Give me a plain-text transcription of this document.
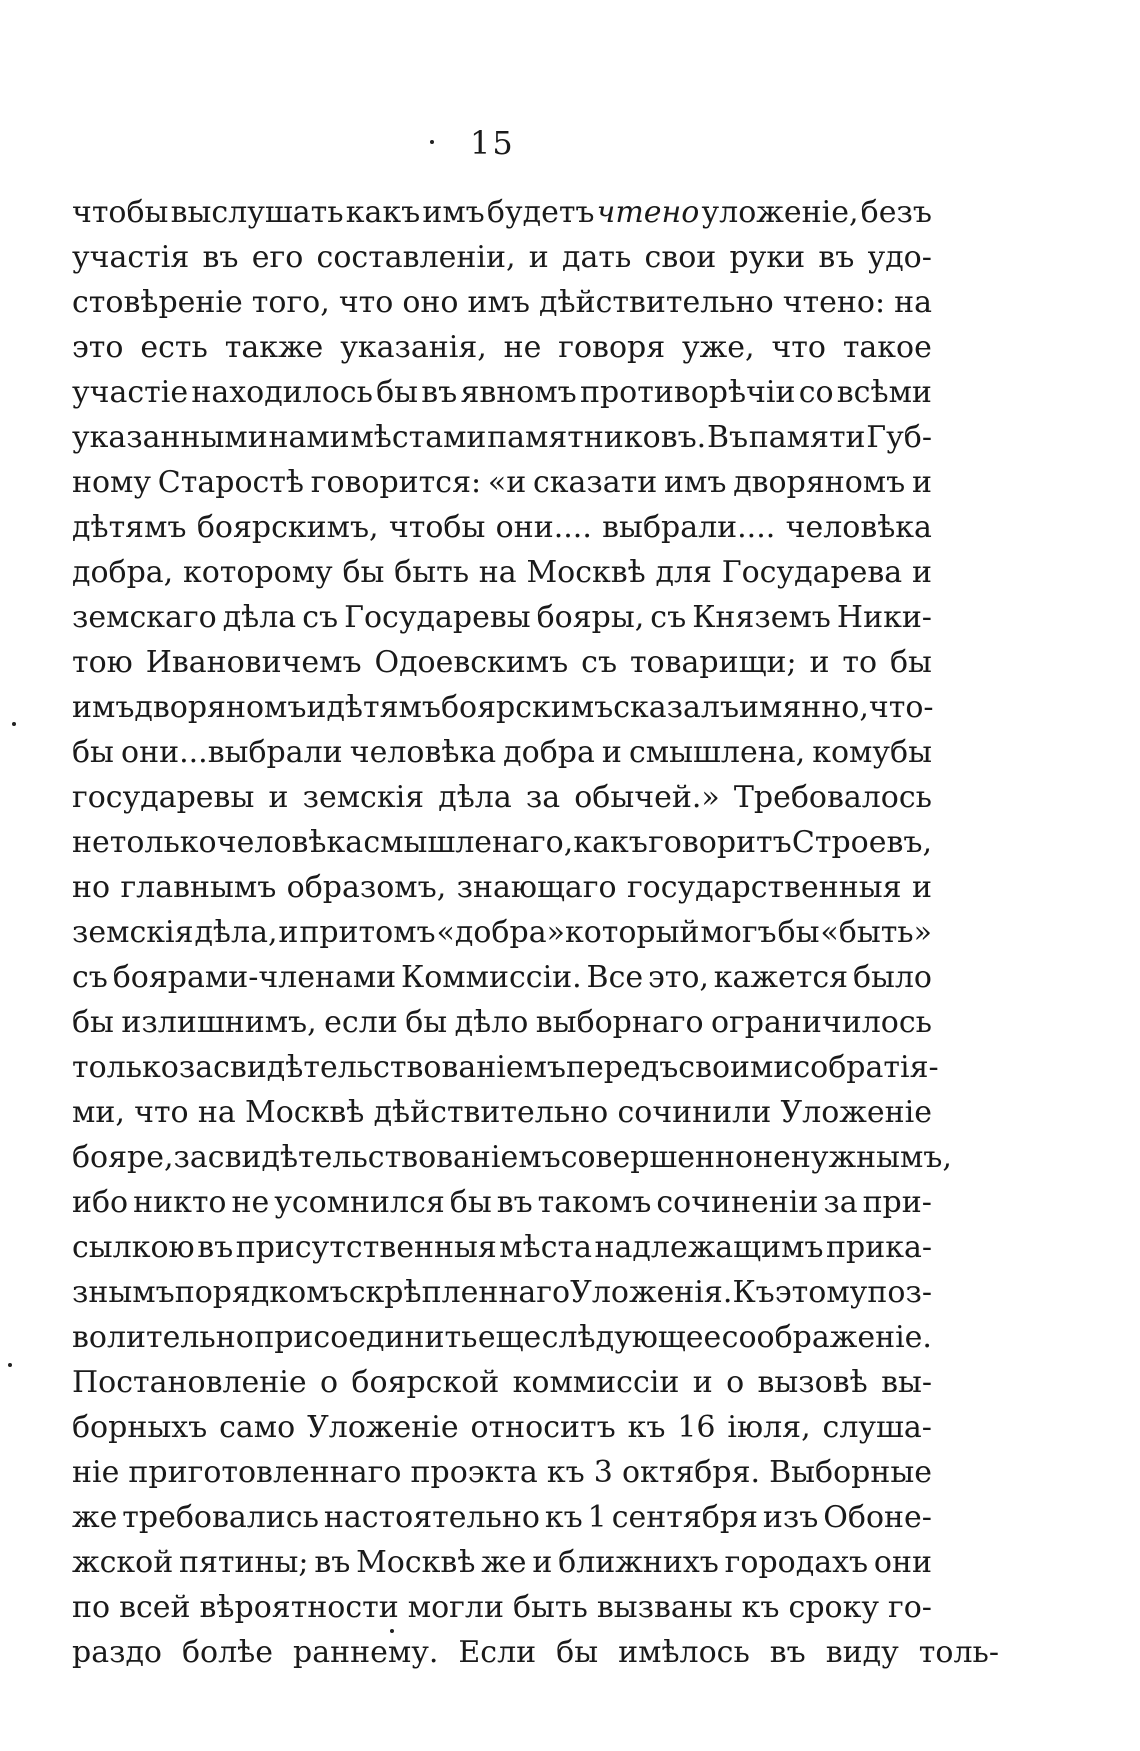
15
чтобы выслушать какъ имъ будетъ чтено уложеніе, безъ
участія въ его составленіи, и дать свои руки въ удо-
стовѣреніе того, что оно имъ дѣйствительно чтено: на
это есть также указанія, не говоря уже, что такое
участіе находилось бы въ явномъ противорѣчіи со всѣми
указанными нами мѣстами памятниковъ. Въ памяти Губ-
ному Старостѣ говорится: «и сказати имъ дворяномъ и
дѣтямъ боярскимъ, чтобы они.... выбрали.... человѣка
добра, которому бы быть на Москвѣ для Государева и
земскаго дѣла съ Государевы бояры, съ Княземъ Ники-
тою Ивановичемъ Одоевскимъ съ товарищи; и то бы
имъ дворяномъ и дѣтямъ боярскимъ сказалъ имянно, что-
бы они...выбрали человѣка добра и смышлена, комубы
государевы и земскія дѣла за обычей.» Требовалось
нетолько человѣка смышленаго, какъ говоритъ Строевъ,
но главнымъ образомъ, знающаго государственныя и
земскія дѣла, и притомъ «добра»который могъ бы «быть»
съ боярами-членами Коммиссіи. Все это, кажется было
бы излишнимъ, если бы дѣло выборнаго ограничилось
только засвидѣтельствованіемъ передъ своими собратія-
ми, что на Москвѣ дѣйствительно сочинили Уложеніе
бояре, засвидѣтельствованіемъ совершенно ненужнымъ,
ибо никто не усомнился бы въ такомъ сочиненіи за при-
сылкою въ присутственныя мѣста надлежащимъ прика-
знымъ порядкомъ скрѣпленнаго Уложенія. Къ этому поз-
волительно присоединить еще слѣдующее соображеніе.
Постановленіе о боярской коммиссіи и о вызовѣ вы-
борныхъ само Уложеніе относитъ къ 16 іюля, слуша-
ніе приготовленнаго проэкта къ 3 октября. Выборные
же требовались настоятельно къ 1 сентября изъ Обоне-
жской пятины; въ Москвѣ же и ближнихъ городахъ они
по всей вѣроятности могли быть вызваны къ сроку го-
раздо болѣе раннему. Если бы имѣлось въ виду толь-
